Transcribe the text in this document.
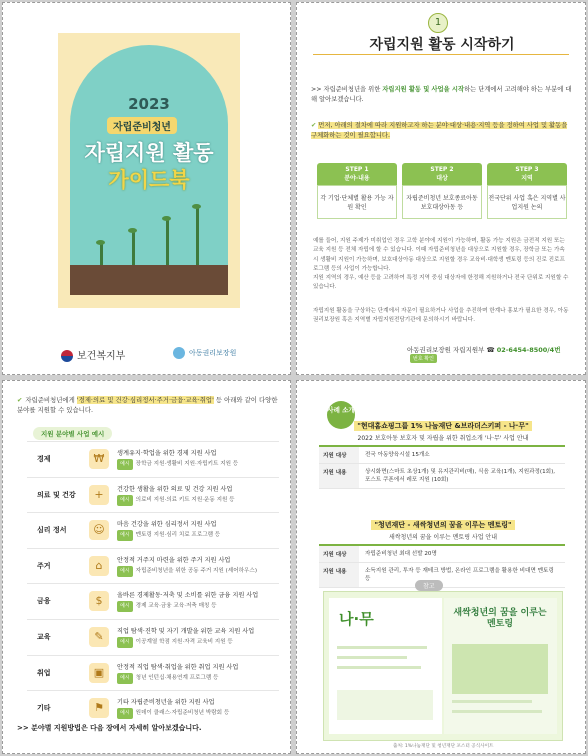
2023
자립준비청년
자립지원 활동
가이드북
보건복지부	아동권리보장원
1
자립지원 활동 시작하기
>> 자립준비청년을 위한 자립지원 활동 및 사업을 시작하는 단계에서 고려해야 하는 부분에 대해 알아보겠습니다.
✔ 먼저, 아래의 절차에 따라 지원하고자 하는 분야·대상·내용·지역 등을 정하여 사업 및 활동을 구체화하는 것이 필요합니다.
STEP 1
분야·내용
각 기업·단체별 활용 가능 자원 확인
STEP 2
대상
자립준비청년 보호종료아동 보호대상아동 등
STEP 3
지역
전국단위 사업 혹은 지역별 사업지원 논의
예를 들어, 지원 주제가 미취업인 경우 고학 분야에 지원이 가능하며, 활동 가능 지원은 금전적 지원 또는 교육 지원 등 전체 자립에 할 수 있습니다. 이때 자립준비청년을 대상으로 지원할 경우, 장학금 또는 가속시 생활비 지원이 가능하며, 보호대상아동 대상으로 지원할 경우 교육비·대학생 멘토링 등의 진로 진로프로그램 등의 사업이 가능합니다.
지원 지역의 경우, 예산 등을 고려하여 특정 지역 중심 대상자에 한정해 지원하거나 전국 단위로 지원할 수 있습니다.
자립지원 활동을 구상하는 단계에서 자문이 필요하거나 사업을 추진하며 한계나 홍보가 필요한 경우, 아동권리보장원 혹은 지역별 자립지원전담기관에 문의하시기 바랍니다.
아동권리보장원 자립지원부 ☎ 02-6454-8500/4번 번호 확인
✔ 자립준비청년에게 '경제·의료 및 건강·심리정서·주거·금융·교육·취업' 등 아래와 같이 다양한 분야를 지원할 수 있습니다.
지원 분야별 사업 예시
경제	₩	생계유지·학업을 위한 경제 지원 사업
예시 장학금 지원·생활비 지원·자립키트 지원 등
의료 및 건강	+	건강한 생활을 위한 의료 및 건강 지원 사업
예시 의료비 지원·의료 키트 지원·운동 지원 등
심리 정서	☺	마음 건강을 위한 심리정서 지원 사업
예시 멘토링 지원·심리 치료 프로그램 등
주거	⌂	안정적 거주지 마련을 위한 주거 지원 사업
예시 자립준비청년을 위한 공동 주거 지원 (셰어하우스)
금융	$	올바른 경제활동·저축 및 소비를 위한 금융 지원 사업
예시 경제 교육·금융 교육·저축 매칭 등
교육	✎	직업 탐색·진학 및 자기 개발을 위한 교육 지원 사업
예시 이공계열 학점 지원·자격 교육비 지원 등
취업	▣	안정적 직업 탐색·취업을 위한 취업 지원 사업
예시 청년 인턴십·채용연계 프로그램 등
기타	⚑	기타 자립준비청년을 위한 지원 사업
예시 원데이 클래스·자립준비청년 박람회 등
>> 분야별 지원방법은 다음 장에서 자세히 알아보겠습니다.
사례 소개
"현대홈쇼핑그룹 1% 나눔재단 &브라더스키퍼 - 나·무"
2022 보호아동 보호자 및 자립을 위한 취업소개 '나·무' 사업 안내
지원 대상	전국 아동양육시설 15개소
지원 내용	상시화면(스마트 초상1개) 및 유지관리비(매), 식음 교육(1개), 지원과정(1회), 포스트 쿠폰에서 레포 지원 (10회)
"청년재단 - 새싹청년의 꿈을 이루는 멘토링"
새싹청년의 꿈을 이루는 멘토링 사업 안내
지원 대상	자립준비청년 최대 선발 20명
지원 내용	소득지원 관리, 투자 등 재테크 방법, 온라인 프로그램을 활용한 비대면 멘토링 등
참고
나·무	새싹청년의 꿈을 이루는 멘토링
출처: 1%나눔재단 및 청년재단 포스터 공식사이트
